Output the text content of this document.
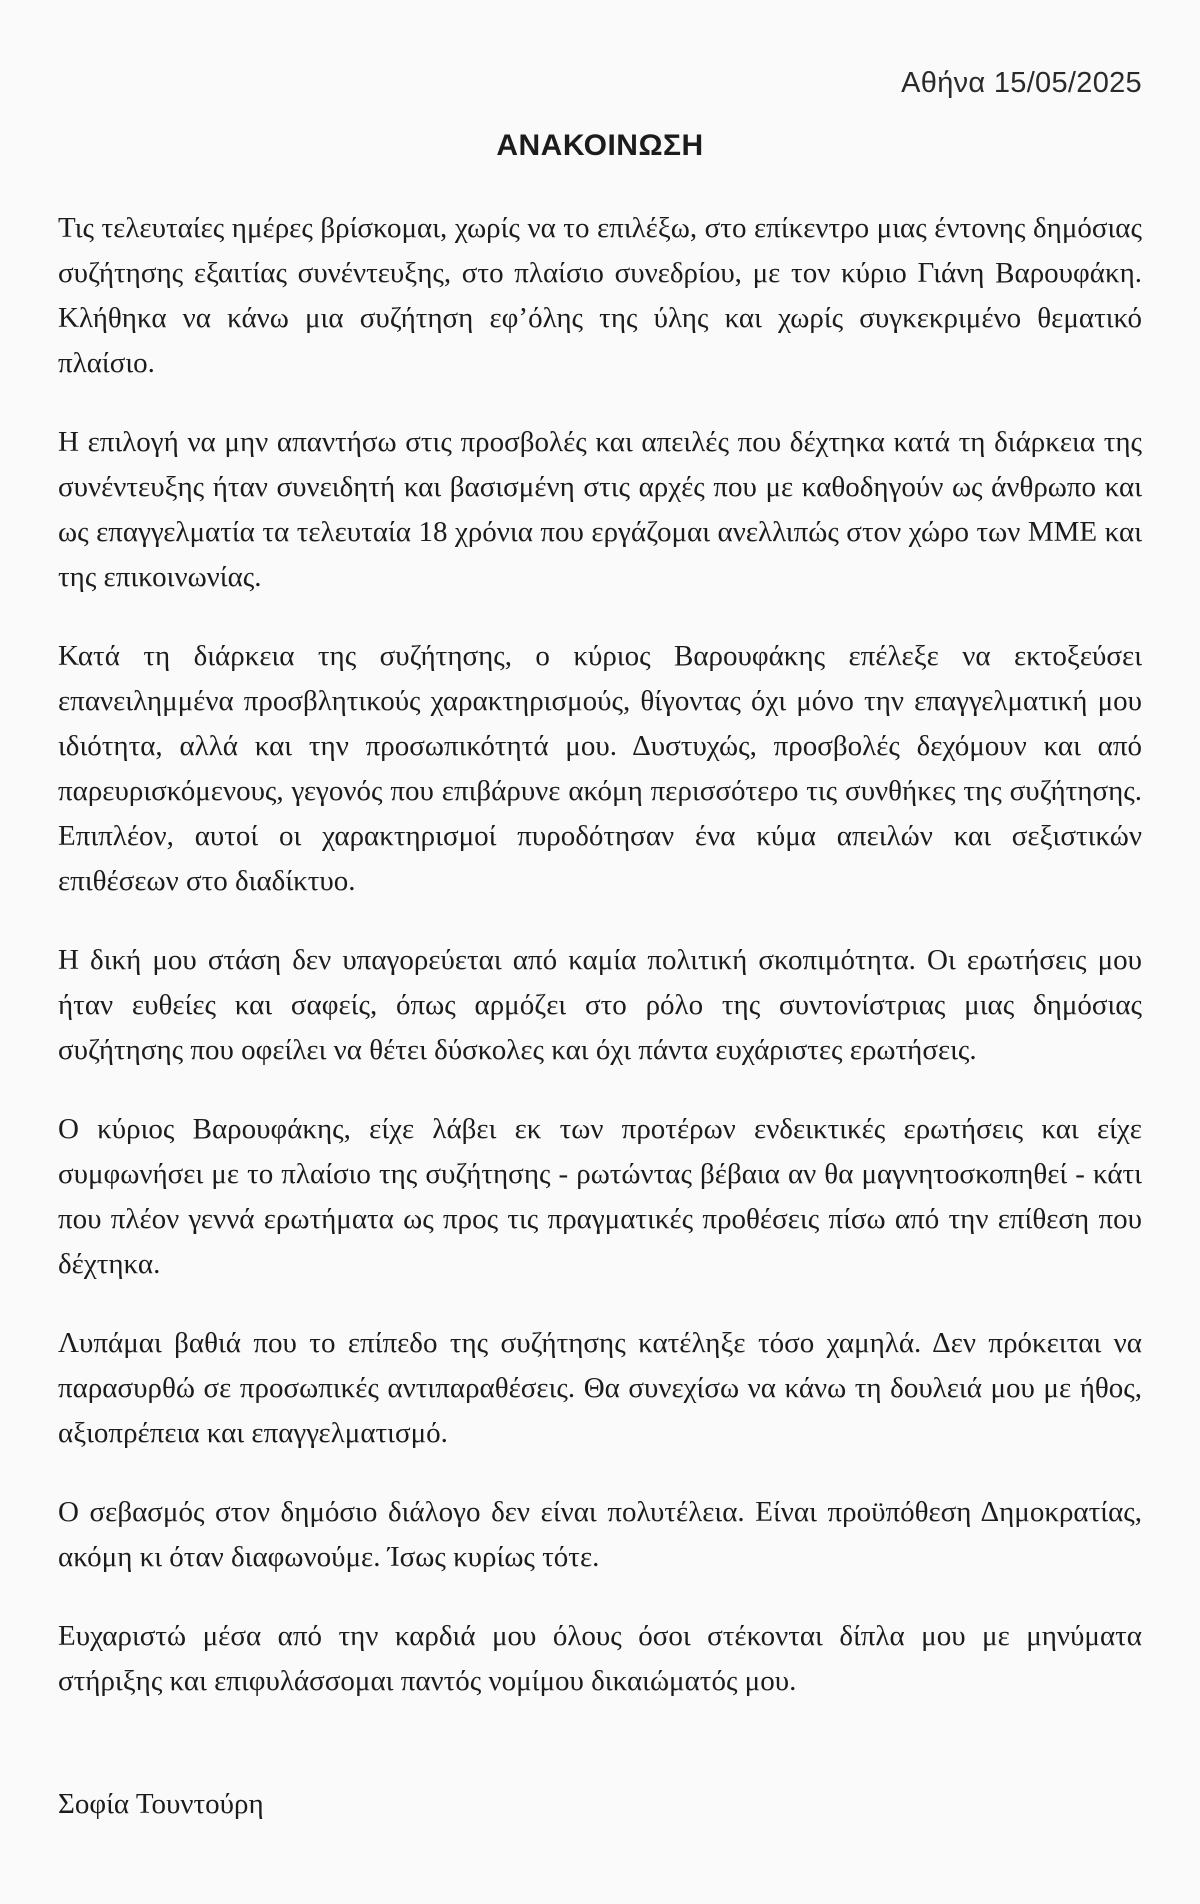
Αθήνα 15/05/2025
ΑΝΑΚΟΙΝΩΣΗ

Τις τελευταίες ημέρες βρίσκομαι, χωρίς να το επιλέξω, στο επίκεντρο μιας έντονης δημόσιας συζήτησης εξαιτίας συνέντευξης, στο πλαίσιο συνεδρίου, με τον κύριο Γιάνη Βαρουφάκη. Κλήθηκα να κάνω μια συζήτηση εφ’όλης της ύλης και χωρίς συγκεκριμένο θεματικό πλαίσιο.

Η επιλογή να μην απαντήσω στις προσβολές και απειλές που δέχτηκα κατά τη διάρκεια της συνέντευξης ήταν συνειδητή και βασισμένη στις αρχές που με καθοδηγούν ως άνθρωπο και ως επαγγελματία τα τελευταία 18 χρόνια που εργάζομαι ανελλιπώς στον χώρο των ΜΜΕ και της επικοινωνίας.

Κατά τη διάρκεια της συζήτησης, ο κύριος Βαρουφάκης επέλεξε να εκτοξεύσει επανειλημμένα προσβλητικούς χαρακτηρισμούς, θίγοντας όχι μόνο την επαγγελματική μου ιδιότητα, αλλά και την προσωπικότητά μου. Δυστυχώς, προσβολές δεχόμουν και από παρευρισκόμενους, γεγονός που επιβάρυνε ακόμη περισσότερο τις συνθήκες της συζήτησης. Επιπλέον, αυτοί οι χαρακτηρισμοί πυροδότησαν ένα κύμα απειλών και σεξιστικών επιθέσεων στο διαδίκτυο.

Η δική μου στάση δεν υπαγορεύεται από καμία πολιτική σκοπιμότητα. Οι ερωτήσεις μου ήταν ευθείες και σαφείς, όπως αρμόζει στο ρόλο της συντονίστριας μιας δημόσιας συζήτησης που οφείλει να θέτει δύσκολες και όχι πάντα ευχάριστες ερωτήσεις.

Ο κύριος Βαρουφάκης, είχε λάβει εκ των προτέρων ενδεικτικές ερωτήσεις και είχε συμφωνήσει με το πλαίσιο της συζήτησης - ρωτώντας βέβαια αν θα μαγνητοσκοπηθεί - κάτι που πλέον γεννά ερωτήματα ως προς τις πραγματικές προθέσεις πίσω από την επίθεση που δέχτηκα.

Λυπάμαι βαθιά που το επίπεδο της συζήτησης κατέληξε τόσο χαμηλά. Δεν πρόκειται να παρασυρθώ σε προσωπικές αντιπαραθέσεις. Θα συνεχίσω να κάνω τη δουλειά μου με ήθος, αξιοπρέπεια και επαγγελματισμό.

Ο σεβασμός στον δημόσιο διάλογο δεν είναι πολυτέλεια. Είναι προϋπόθεση Δημοκρατίας, ακόμη κι όταν διαφωνούμε. Ίσως κυρίως τότε.

Ευχαριστώ μέσα από την καρδιά μου όλους όσοι στέκονται δίπλα μου με μηνύματα στήριξης και επιφυλάσσομαι παντός νομίμου δικαιώματός μου.

Σοφία Τουντούρη
